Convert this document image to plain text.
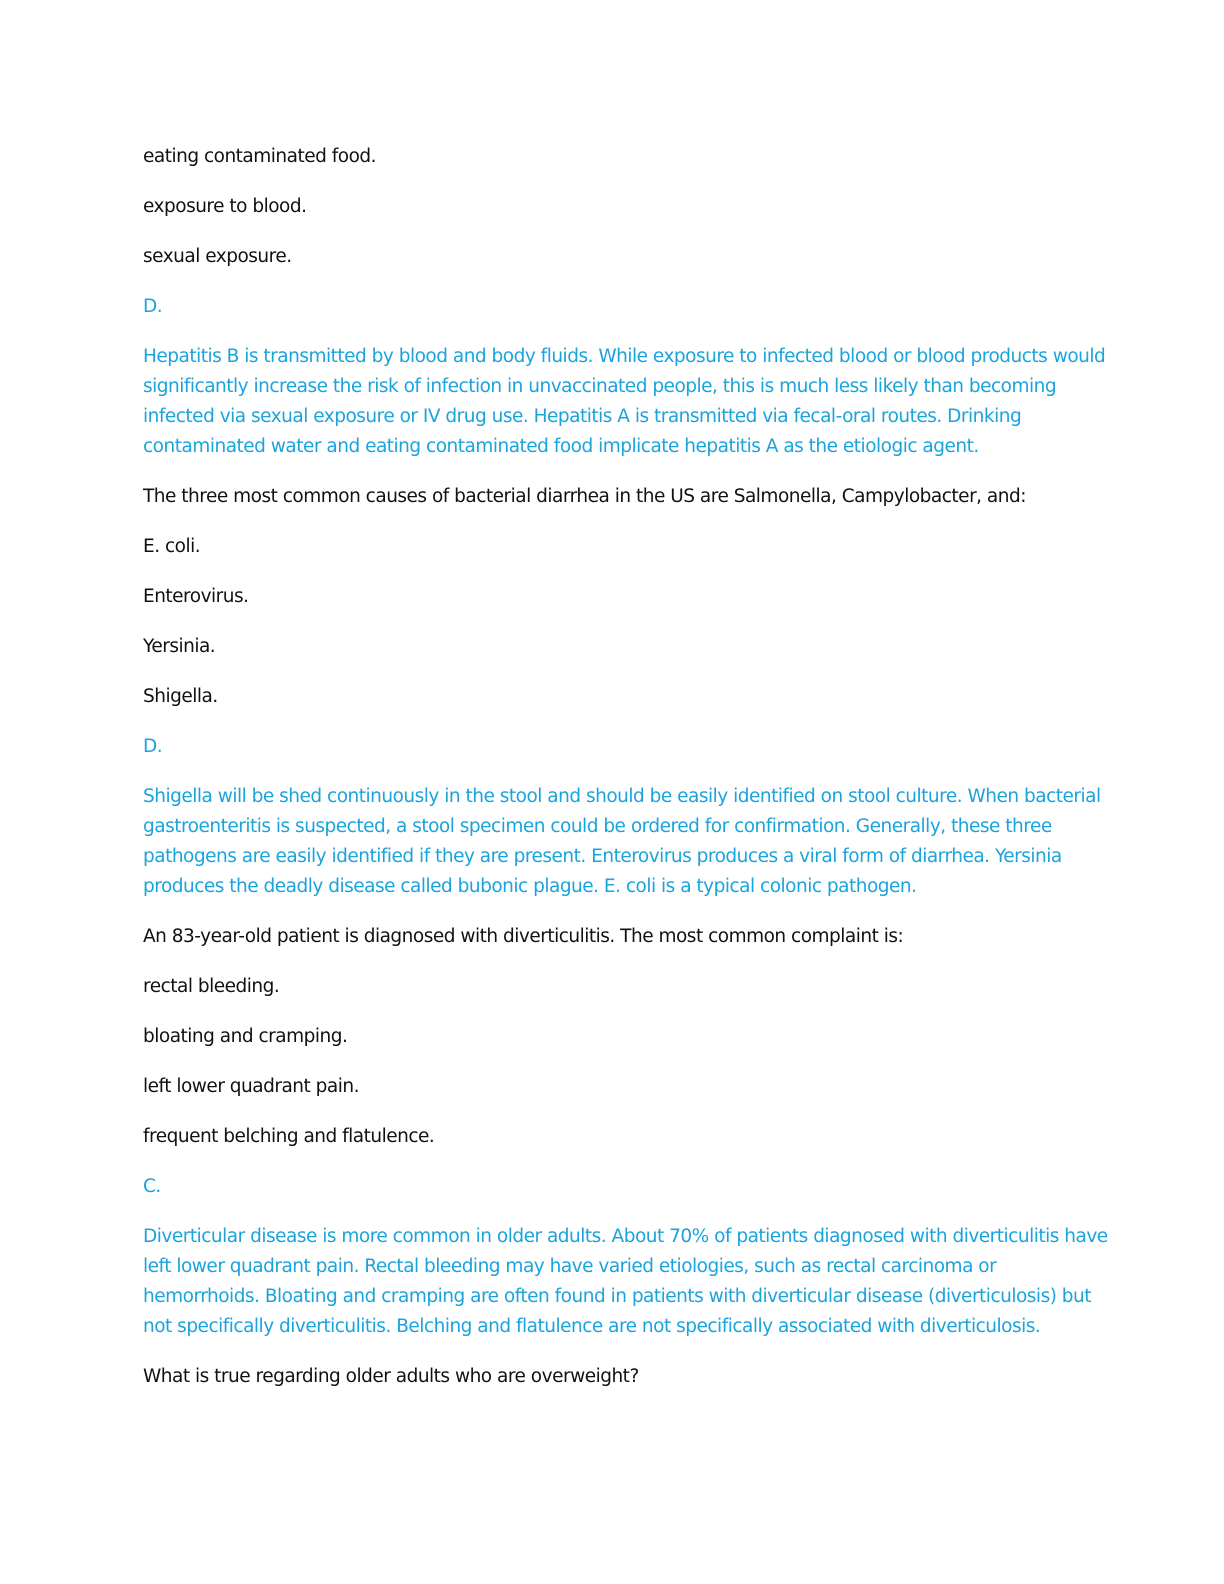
eating contaminated food.
exposure to blood.
sexual exposure.
D.
Hepatitis B is transmitted by blood and body fluids. While exposure to infected blood or blood products would
significantly increase the risk of infection in unvaccinated people, this is much less likely than becoming
infected via sexual exposure or IV drug use. Hepatitis A is transmitted via fecal-oral routes. Drinking
contaminated water and eating contaminated food implicate hepatitis A as the etiologic agent.
The three most common causes of bacterial diarrhea in the US are Salmonella, Campylobacter, and:
E. coli.
Enterovirus.
Yersinia.
Shigella.
D.
Shigella will be shed continuously in the stool and should be easily identified on stool culture. When bacterial
gastroenteritis is suspected, a stool specimen could be ordered for confirmation. Generally, these three
pathogens are easily identified if they are present. Enterovirus produces a viral form of diarrhea. Yersinia
produces the deadly disease called bubonic plague. E. coli is a typical colonic pathogen.
An 83-year-old patient is diagnosed with diverticulitis. The most common complaint is:
rectal bleeding.
bloating and cramping.
left lower quadrant pain.
frequent belching and flatulence.
C.
Diverticular disease is more common in older adults. About 70% of patients diagnosed with diverticulitis have
left lower quadrant pain. Rectal bleeding may have varied etiologies, such as rectal carcinoma or
hemorrhoids. Bloating and cramping are often found in patients with diverticular disease (diverticulosis) but
not specifically diverticulitis. Belching and flatulence are not specifically associated with diverticulosis.
What is true regarding older adults who are overweight?
